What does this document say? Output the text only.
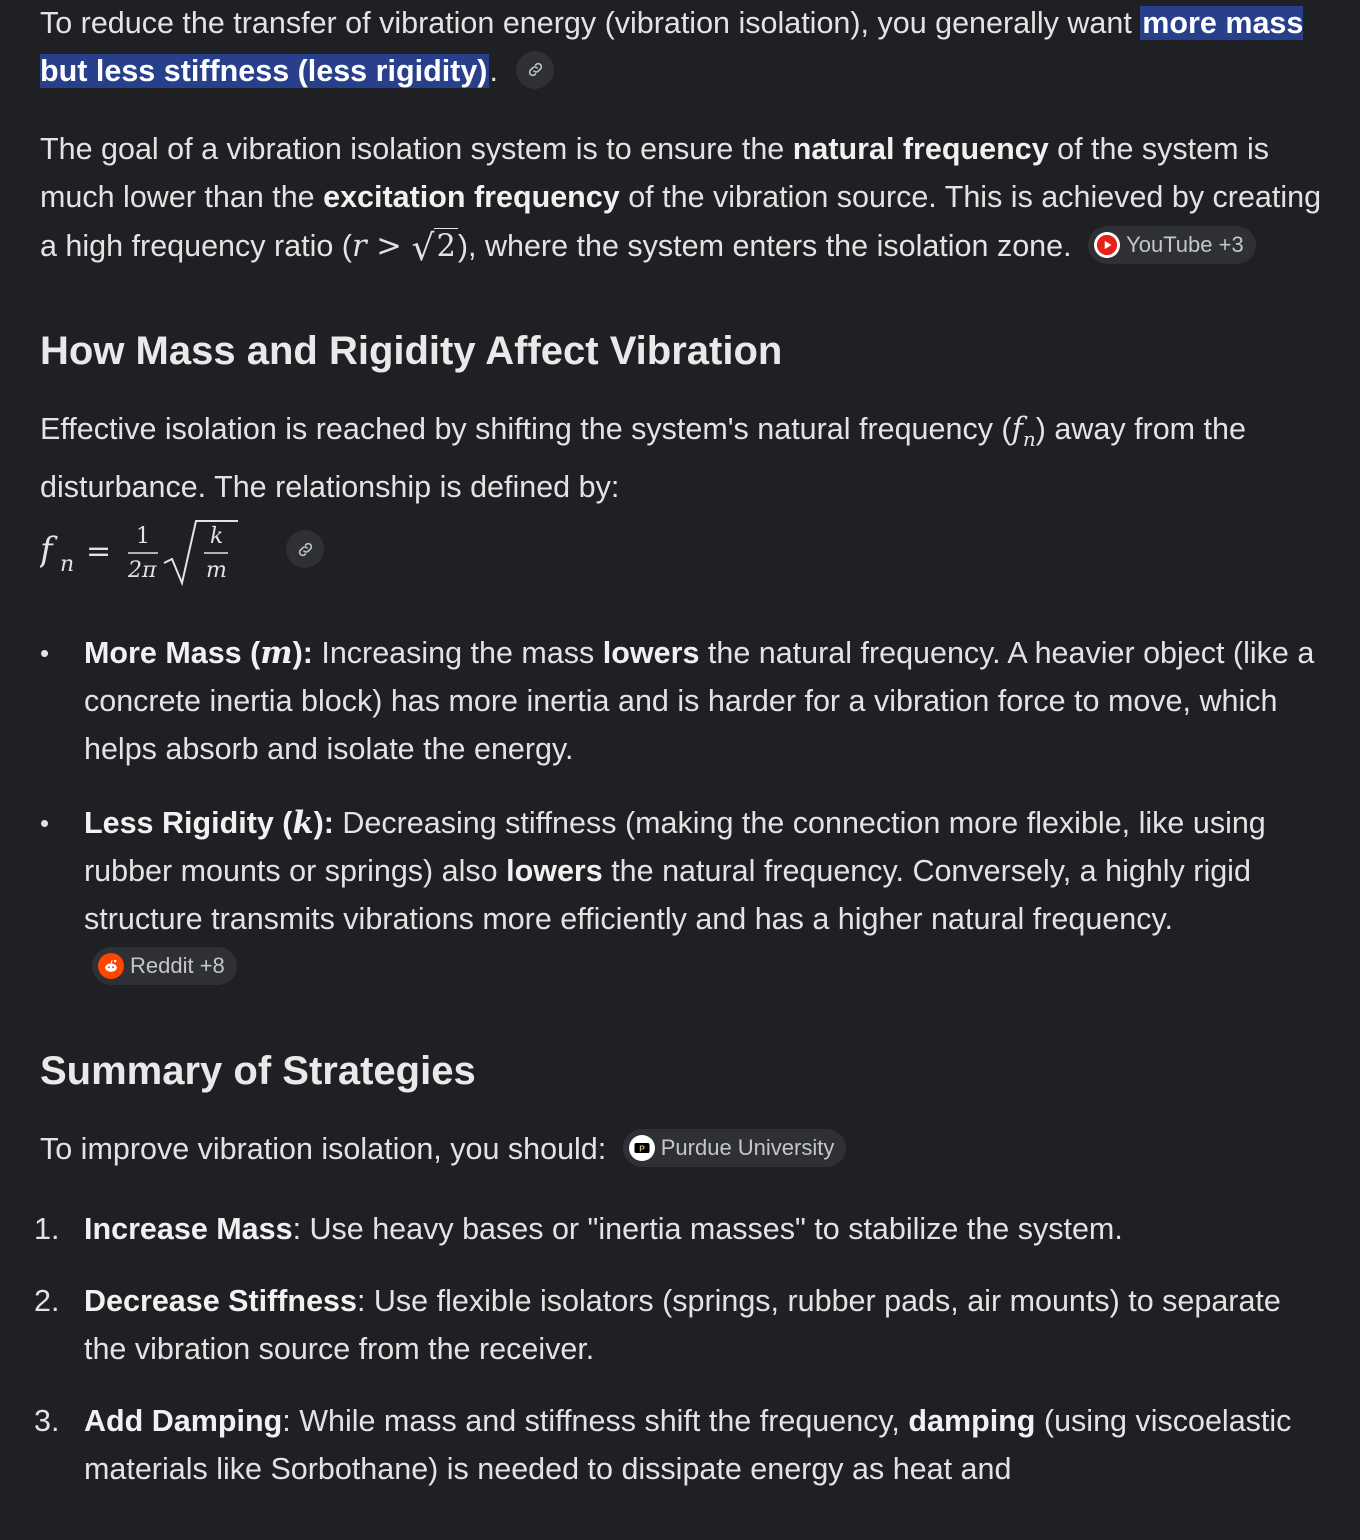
To reduce the transfer of vibration energy (vibration isolation), you generally want more mass but less stiffness (less rigidity).

The goal of a vibration isolation system is to ensure the natural frequency of the system is much lower than the excitation frequency of the vibration source. This is achieved by creating a high frequency ratio (r > √2), where the system enters the isolation zone. YouTube +3

How Mass and Rigidity Affect Vibration

Effective isolation is reached by shifting the system's natural frequency $(f_n)$ away from the disturbance. The relationship is defined by:

f n = 1
2π
k
m
• More Mass (m): Increasing the mass lowers the natural frequency. A heavier object (like a concrete inertia block) has more inertia and is harder for a vibration force to move, which helps absorb and isolate the energy.
• Less Rigidity (k): Decreasing stiffness (making the connection more flexible, like using rubber mounts or springs) also lowers the natural frequency. Conversely, a highly rigid structure transmits vibrations more efficiently and has a higher natural frequency.
Reddit +8
Summary of Strategies

To improve vibration isolation, you should:	P Purdue University

1. Increase Mass: Use heavy bases or "inertia masses" to stabilize the system.
2. Decrease Stiffness: Use flexible isolators (springs, rubber pads, air mounts) to separate the vibration source from the receiver.
3. Add Damping: While mass and stiffness shift the frequency, damping (using viscoelastic materials like Sorbothane) is needed to dissipate energy as heat and
